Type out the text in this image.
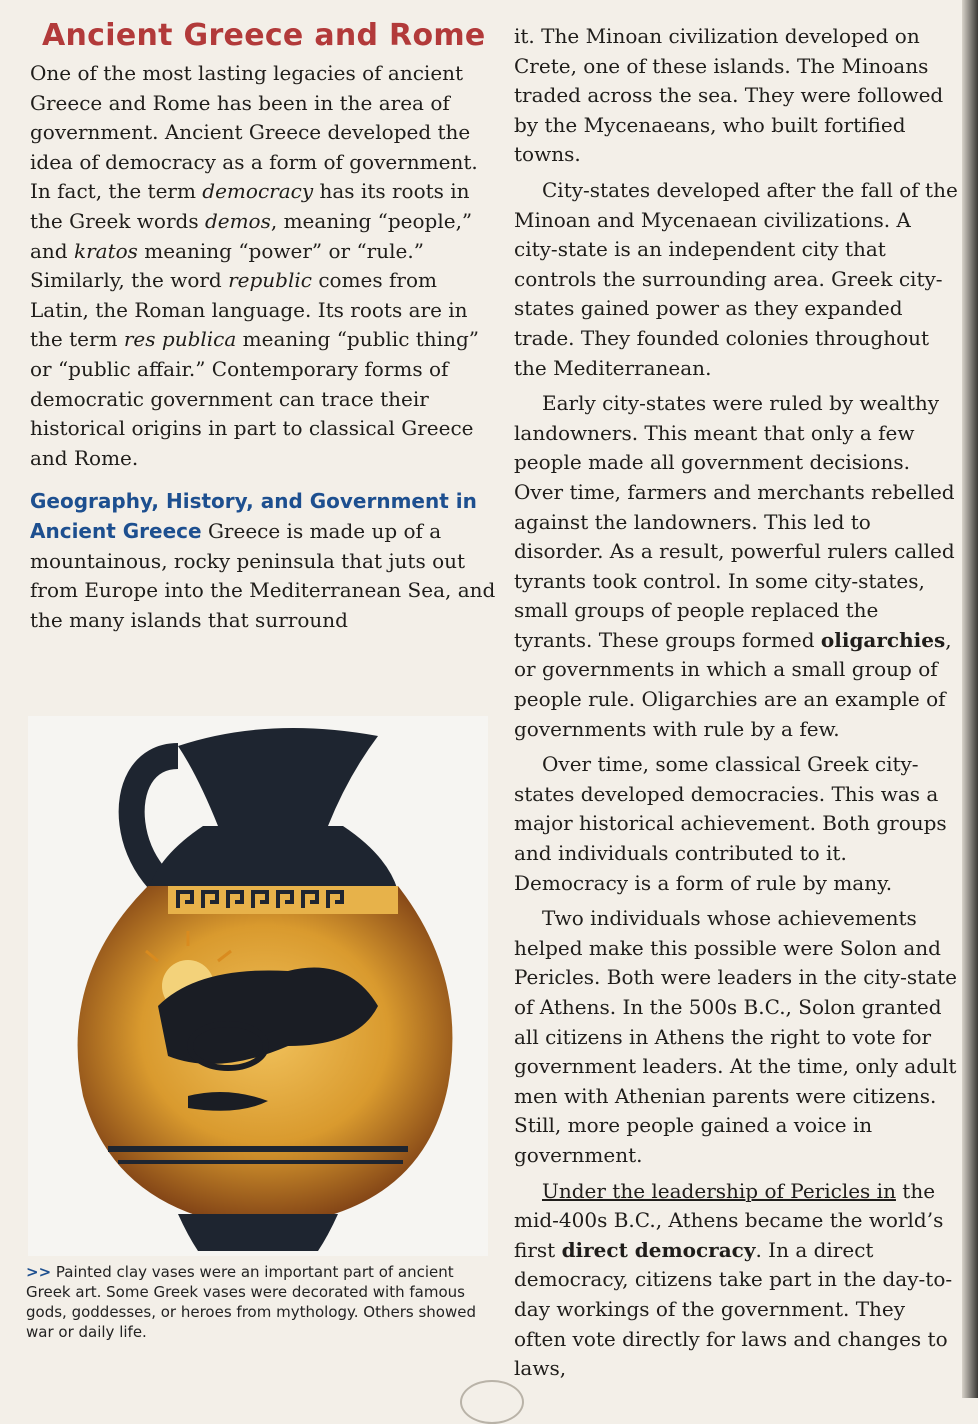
Ancient Greece and Rome

One of the most lasting legacies of ancient Greece and Rome has been in the area of government. Ancient Greece developed the idea of democracy as a form of government. In fact, the term democracy has its roots in the Greek words demos, meaning “people,” and kratos meaning “power” or “rule.” Similarly, the word republic comes from Latin, the Roman language. Its roots are in the term res publica meaning “public thing” or “public affair.” Contemporary forms of democratic government can trace their historical origins in part to classical Greece and Rome.

Geography, History, and Government in Ancient Greece Greece is made up of a mountainous, rocky peninsula that juts out from Europe into the Mediterranean Sea, and the many islands that surround

>> Painted clay vases were an important part of ancient Greek art. Some Greek vases were decorated with famous gods, goddesses, or heroes from mythology. Others showed war or daily life.

it. The Minoan civilization developed on Crete, one of these islands. The Minoans traded across the sea. They were followed by the Mycenaeans, who built fortified towns.

City-states developed after the fall of the Minoan and Mycenaean civilizations. A city-state is an independent city that controls the surrounding area. Greek city-states gained power as they expanded trade. They founded colonies throughout the Mediterranean.

Early city-states were ruled by wealthy landowners. This meant that only a few people made all government decisions. Over time, farmers and merchants rebelled against the landowners. This led to disorder. As a result, powerful rulers called tyrants took control. In some city-states, small groups of people replaced the tyrants. These groups formed oligarchies, or governments in which a small group of people rule. Oligarchies are an example of governments with rule by a few.

Over time, some classical Greek city-states developed democracies. This was a major historical achievement. Both groups and individuals contributed to it. Democracy is a form of rule by many.

Two individuals whose achievements helped make this possible were Solon and Pericles. Both were leaders in the city-state of Athens. In the 500s B.C., Solon granted all citizens in Athens the right to vote for government leaders. At the time, only adult men with Athenian parents were citizens. Still, more people gained a voice in government.

Under the leadership of Pericles in the mid-400s B.C., Athens became the world’s first direct democracy. In a direct democracy, citizens take part in the day-to-day workings of the government. They often vote directly for laws and changes to laws,
